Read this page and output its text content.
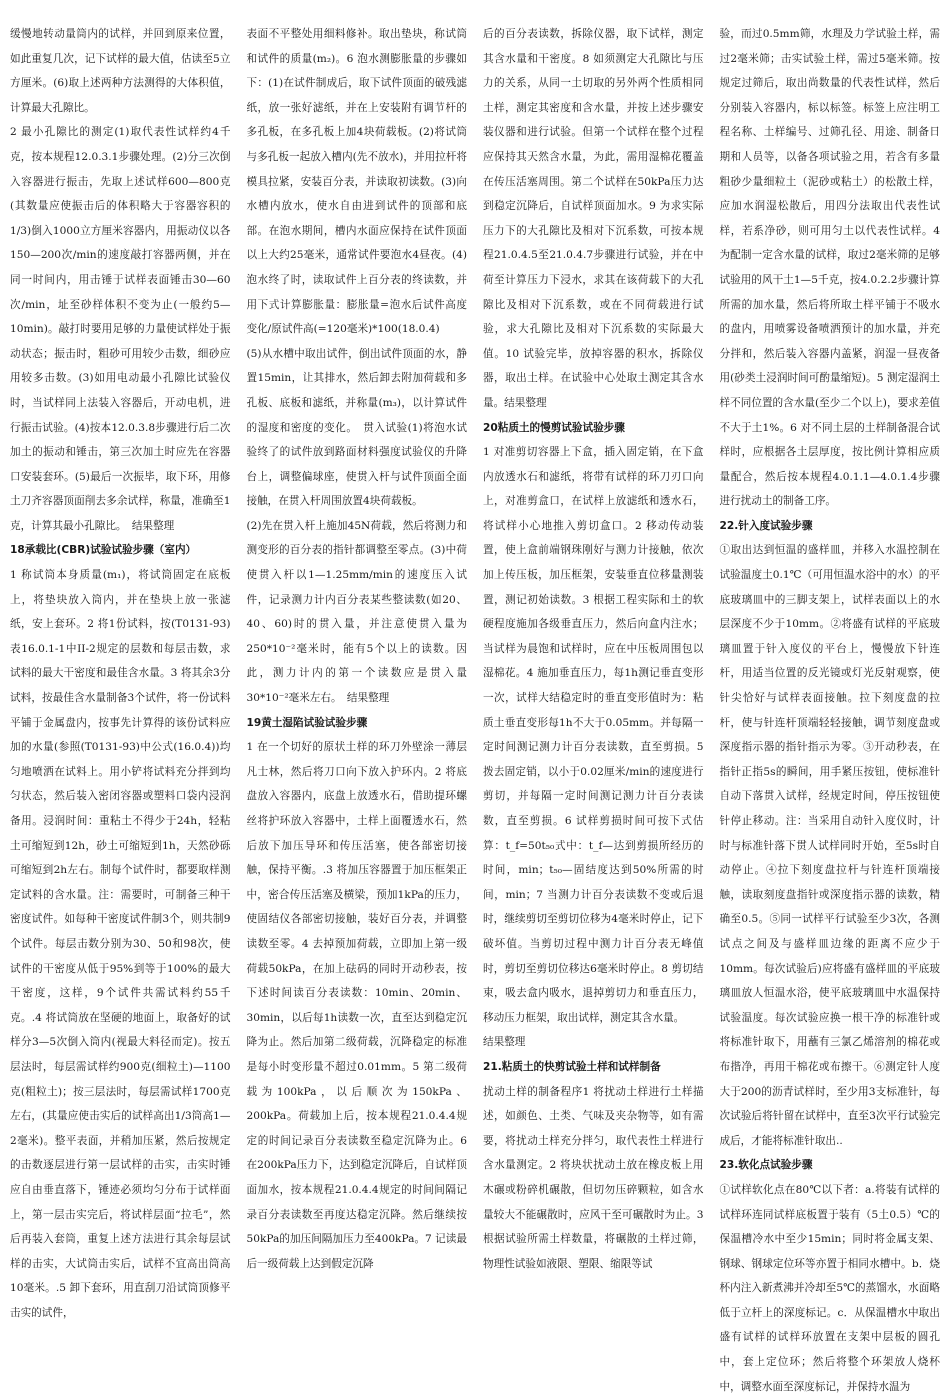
缓慢地转动量筒内的试样，并回到原来位置，如此重复几次，记下试样的最大值，估读至5立方厘米。(6)取上述两种方法测得的大体积值，计算最大孔隙比。

2 最小孔隙比的测定(1)取代表性试样约4千克，按本规程12.0.3.1步骤处理。(2)分三次倒入容器进行振击，先取上述试样600—800克(其数量应使振击后的体积略大于容器容积的1/3)倒入1000立方厘米容器内，用振动仪以各150—200次/min的速度敲打容器两侧，并在同一时间内，用击锤于试样表面锤击30—60次/min，址至砂样体积不变为止(一般约5—10min)。敲打时要用足够的力量使试样处于振动状态；振击时，粗砂可用较少击数，细砂应用较多击数。(3)如用电动最小孔隙比试验仪时，当试样同上法装入容器后，开动电机，进行振击试验。(4)按本12.0.3.8步骤进行后二次加土的振动和锤击，第三次加土时应先在容器口安装套环。(5)最后一次振毕，取下环，用修土刀齐容器顶面削去多余试样，称量，准确至1克，计算其最小孔隙比。　结果整理

18承载比(CBR)试验试验步骤（室内）

1 称试筒本身质量(m₁)，将试筒固定在底板上，将垫块放入筒内，并在垫块上放一张滤纸，安上套环。2 将1份试料，按(T0131-93)表16.0.1-1中II-2规定的层数和每层击数，求试料的最大干密度和最佳含水量。3 将其余3分试料，按最佳含水量制备3个试件，将一份试料平铺于金属盘内，按事先计算得的该份试料应加的水量(参照(T0131-93)中公式(16.0.4))均匀地喷洒在试料上。用小铲将试料充分拌到均匀状态，然后装入密闭容器或塑料口袋内浸润备用。浸润时间：重粘土不得少于24h，轻粘土可缩短到12h，砂土可缩短到1h，天然砂砾可缩短到2h左右。制每个试件时，都要取样测定试料的含水量。注：需要时，可制备三种干密度试件。如每种干密度试件制3个，则共制9个试件。每层击数分别为30、50和98次，使试件的干密度从低于95%到等于100%的最大干密度，这样，9个试件共需试料约55千克。.4 将试筒放在坚硬的地面上，取备好的试样分3—5次倒入筒内(视最大料径而定)。按五层法时，每层需试样约900克(细粒土)—1100克(粗粒土)；按三层法时，每层需试样1700克左右，(其量应使击实后的试样高出1/3筒高1—2毫米)。整平表面，并稍加压紧，然后按规定的击数逐层进行第一层试样的击实，击实时锤应自由垂直落下，锤迹必须均匀分布于试样面上，第一层击实完后，将试样层面“拉毛”，然后再装入套筒，重复上述方法进行其余每层试样的击实，大试筒击实后，试样不宜高出筒高10毫米。.5 卸下套环，用直刮刀沿试筒顶修平击实的试件，

表面不平整处用细料修补。取出垫块，称试筒和试件的质量(m₂)。6 泡水测膨胀量的步骤如下：(1)在试件制成后，取下试件顶面的破残滤纸，放一张好滤纸，并在上安装附有调节杆的多孔板，在多孔板上加4块荷载板。(2)将试筒与多孔板一起放入槽内(先不放水)，并用拉杆将模具拉紧，安装百分表，并读取初读数。(3)向水槽内放水，使水自由进到试件的顶部和底部。在泡水期间，槽内水面应保持在试件顶面以上大约25毫米，通常试件要泡水4昼夜。(4)泡水终了时，读取试件上百分表的终读数，并用下式计算膨胀量：膨胀量=泡水后试件高度变化/原试件高(=120毫米)*100(18.0.4)

(5)从水槽中取出试件，倒出试件顶面的水，静置15min，让其排水，然后卸去附加荷载和多孔板、底板和滤纸，并称量(m₃)，以计算试件的湿度和密度的变化。　贯入试验(1)将泡水试验终了的试件放到路面材料强度试验仪的升降台上，调整偏球座，使贯入杆与试件顶面全面接触，在贯入杆周围放置4块荷载板。

(2)先在贯入杆上施加45N荷载，然后将测力和测变形的百分表的指针都调整至零点。(3)中荷使贯入杆以1—1.25mm/min的速度压入试件，记录测力计内百分表某些整读数(如20、40、60)时的贯入量，并注意使贯入量为250*10⁻²毫米时，能有5个以上的读数。因此，测力计内的第一个读数应是贯入量30*10⁻²毫米左右。　结果整理

19黄土湿陷试验试验步骤

1 在一个切好的原状土样的环刀外壁涂一薄层凡士林，然后将刀口向下放入护环内。2 将底盘放入容器内，底盘上放透水石，借助提环螺丝将护环放入容器中，土样上面覆透水石，然后放下加压导环和传压活塞，使各部密切接触，保持平衡。.3 将加压容器置于加压框架正中，密合传压活塞及横梁，预加1kPa的压力，使固结仪各部密切接触，装好百分表，并调整读数至零。4 去掉预加荷载，立即加上第一级荷载50kPa，在加上砝码的同时开动秒表，按下述时间读百分表读数：10min、20min、30min，以后每1h读数一次，直至达到稳定沉降为止。然后加第二级荷载，沉降稳定的标准是每小时变形量不超过0.01mm。5 第二级荷载为100kPa，以后顺次为150kPa、200kPa。荷载加上后，按本规程21.0.4.4规定的时间记录百分表读数至稳定沉降为止。6 在200kPa压力下，达到稳定沉降后，自试样顶面加水，按本规程21.0.4.4规定的时间间隔记录百分表读数至再度达稳定沉降。然后继续按50kPa的加压间隔加压力至400kPa。7 记读最后一级荷载上达到假定沉降

后的百分表读数，拆除仪器，取下试样，测定其含水量和干密度。8 如须测定大孔隙比与压力的关系，从同一土切取的另外两个性质相同土样，测定其密度和含水量，并按上述步骤安装仪器和进行试验。但第一个试样在整个过程应保持其天然含水量，为此，需用湿棉花覆盖在传压活塞周围。第二个试样在50kPa压力达到稳定沉降后，自试样顶面加水。9 为求实际压力下的大孔隙比及相对下沉系数，可按本规程21.0.4.5至21.0.4.7步骤进行试验，并在中荷至计算压力下浸水，求其在该荷载下的大孔隙比及相对下沉系数，或在不同荷载进行试验，求大孔隙比及相对下沉系数的实际最大值。10 试验完毕，放掉容器的积水，拆除仪器，取出土样。在试验中心处取土测定其含水量。结果整理

20粘质土的慢剪试验试验步骤

1 对准剪切容器上下盒，插入固定销，在下盒内放透水石和滤纸，将带有试样的环刀刃口向上，对准剪盒口，在试样上放滤纸和透水石，将试样小心地推入剪切盒口。2 移动传动装置，使上盒前端钢珠刚好与测力计接触，依次加上传压板，加压框架，安装垂直位移量测装置，测记初始读数。3 根据工程实际和土的软硬程度施加各级垂直压力，然后向盒内注水；当试样为晨饱和试样时，应在中压板周围包以湿棉花。4 施加垂直压力，每1h测记垂直变形一次，试样大结稳定时的垂直变形值时为：粘质土垂直变形每1h不大于0.05mm。并每隔一定时间测记测力计百分表读数，直至剪损。5 拨去固定销，以小于0.02厘米/min的速度进行剪切，并每隔一定时间测记测力计百分表读数，直至剪损。6 试样剪损时间可按下式估算：t_f=50t₅₀式中：t_f—达到剪损所经历的时间，min；t₅₀—固结度达到50%所需的时间，min；7 当测力计百分表读数不变或后退时，继续剪切至剪切位移为4毫米时停止，记下破坏值。当剪切过程中测力计百分表无峰值时，剪切至剪切位移达6毫米时停止。8 剪切结束，吸去盒内吸水，退掉剪切力和垂直压力，移动压力框架，取出试样，测定其含水量。

结果整理

21.粘质土的快剪试验土样和试样制备

扰动土样的制备程序1 将扰动土样进行土样描述，如颜色、土类、气味及夹杂物等，如有需要，将扰动土样充分拌匀，取代表性土样进行含水量测定。2 将块状扰动土放在橡皮板上用木碾或粉碎机碾散，但切勿压碎颗粒，如含水量较大不能碾散时，应风干至可碾散时为止。3 根据试验所需土样数量，将碾散的土样过筛，物理性试验如液限、塑限、缩限等试

验，而过0.5mm筛，水理及力学试验土样，需过2毫米筛；击实试验土样，需过5毫米筛。按规定过筛后，取出尚数量的代表性试样，然后分别装入容器内，标以标签。标签上应注明工程名称、土样编号、过筛孔径、用途、制备日期和人员等，以备各项试验之用，若含有多量粗砂少量细粒土（泥砂或粘土）的松散土样，应加水润湿松散后，用四分法取出代表性试样，若系净砂，则可用匀土以代表性试样。4 为配制一定含水量的试样，取过2毫米筛的足够试验用的风干土1—5千克，按4.0.2.2步骤计算所需的加水量，然后将所取土样平铺于不吸水的盘内，用喷雾设备喷洒预计的加水量，并充分拌和，然后装入容器内盖紧，润湿一昼夜备用(砂类土浸润时间可酌量缩短)。5 测定湿润土样不同位置的含水量(至少二个以上)，要求差值不大于土1%。6 对不同土层的土样制备混合试样时，应根据各土层厚度，按比例计算相应质量配合，然后按本规程4.0.1.1—4.0.1.4步骤进行扰动土的制备工序。

22.针入度试验步骤

①取出达到恒温的盛样皿，并移入水温控制在试验温度土0.1℃（可用恒温水浴中的水）的平底玻璃皿中的三脚支架上，试样表面以上的水层深度不少于10mm。②将盛有试样的平底玻璃皿置于针入度仪的平台上，慢慢放下针连杆，用适当位置的反光镜或灯光反射观察，使针尖恰好与试样表面接触。拉下刻度盘的拉杆，使与针连杆顶端轻轻接触，调节刻度盘或深度指示器的指针指示为零。③开动秒表，在指针正指5s的瞬间，用手紧压按钮，使标准针自动下落贯入试样，经规定时间，停压按钮使针停止移动。注：当采用自动针入度仪时，计时与标准针落下贯人试样同时开始，至5s时自动停止。④拉下刻度盘拉杆与针连杆顶端接触，读取刻度盘指针或深度指示器的读数，精确至0.5。⑤同一试样平行试验至少3次，各测试点之间及与盛样皿边缘的距离不应少于10mm。每次试验后)应将盛有盛样皿的平底玻璃皿放人恒温水浴，使平底玻璃皿中水温保持试验温度。每次试验应换一根干净的标准针或将标准针取下，用蘸有三氯乙烯溶剂的棉花或布揩净，再用干棉花或布擦干。⑥测定针人度大于200的沥青试样时，至少用3支标准针，每次试验后将针留在试样中，直至3次平行试验完成后，才能将标准针取出..

23.软化点试验步骤

①试样软化点在80℃以下者：a.将装有试样的试样环连同试样底板置于装有（5土0.5）℃的保温槽冷水中至少15min；同时将金属支架、钢球、钢球定位环等亦置于相同水槽中。b．烧杯内注入新煮沸并冷却至5℃的蒸馏水，水面略低于立杆上的深度标记。c．从保温槽水中取出盛有试样的试样环放置在支架中层板的圆孔中，套上定位环；然后将整个环架放人烧杯中，调整水面至深度标记，并保持水温为
